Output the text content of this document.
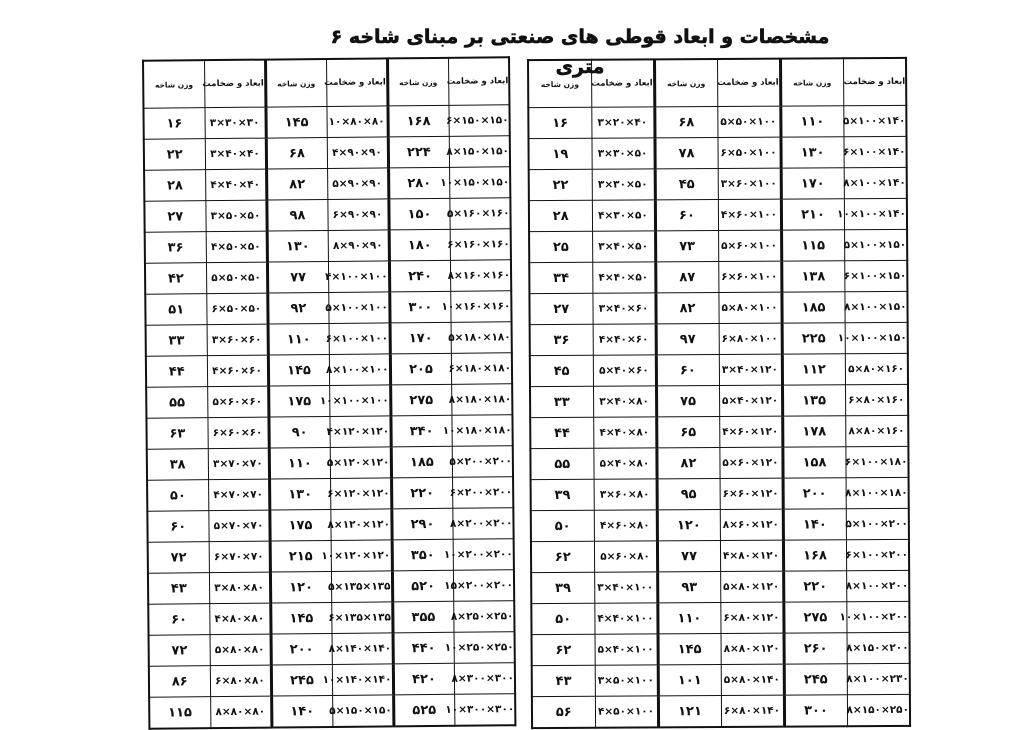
مشخصات و ابعاد قوطی های صنعتی بر مبنای شاخه ۶ متری
ابعاد و ضخامت	وزن شاخه	ابعاد و ضخامت	وزن شاخه	ابعاد و ضخامت	وزن شاخه
۱۵۰×۱۵۰×۶	۱۶۸	۸۰×۸۰×۱۰	۱۴۵	۳۰×۳۰×۳	۱۶
۱۵۰×۱۵۰×۸	۲۲۴	۹۰×۹۰×۴	۶۸	۴۰×۴۰×۳	۲۲
۱۵۰×۱۵۰×۱۰	۲۸۰	۹۰×۹۰×۵	۸۲	۴۰×۴۰×۴	۲۸
۱۶۰×۱۶۰×۵	۱۵۰	۹۰×۹۰×۶	۹۸	۵۰×۵۰×۳	۲۷
۱۶۰×۱۶۰×۶	۱۸۰	۹۰×۹۰×۸	۱۳۰	۵۰×۵۰×۴	۳۶
۱۶۰×۱۶۰×۸	۲۴۰	۱۰۰×۱۰۰×۴	۷۷	۵۰×۵۰×۵	۴۲
۱۶۰×۱۶۰×۱۰	۳۰۰	۱۰۰×۱۰۰×۵	۹۲	۵۰×۵۰×۶	۵۱
۱۸۰×۱۸۰×۵	۱۷۰	۱۰۰×۱۰۰×۶	۱۱۰	۶۰×۶۰×۳	۳۳
۱۸۰×۱۸۰×۶	۲۰۵	۱۰۰×۱۰۰×۸	۱۴۵	۶۰×۶۰×۴	۴۴
۱۸۰×۱۸۰×۸	۲۷۵	۱۰۰×۱۰۰×۱۰	۱۷۵	۶۰×۶۰×۵	۵۵
۱۸۰×۱۸۰×۱۰	۳۴۰	۱۲۰×۱۲۰×۴	۹۰	۶۰×۶۰×۶	۶۳
۲۰۰×۲۰۰×۵	۱۸۵	۱۲۰×۱۲۰×۵	۱۱۰	۷۰×۷۰×۳	۳۸
۲۰۰×۲۰۰×۶	۲۲۰	۱۲۰×۱۲۰×۶	۱۳۰	۷۰×۷۰×۴	۵۰
۲۰۰×۲۰۰×۸	۲۹۰	۱۲۰×۱۲۰×۸	۱۷۵	۷۰×۷۰×۵	۶۰
۲۰۰×۲۰۰×۱۰	۳۵۰	۱۲۰×۱۲۰×۱۰	۲۱۵	۷۰×۷۰×۶	۷۲
۲۰۰×۲۰۰×۱۵	۵۲۰	۱۳۵×۱۳۵×۵	۱۲۰	۸۰×۸۰×۳	۴۳
۲۵۰×۲۵۰×۸	۳۵۵	۱۳۵×۱۳۵×۶	۱۴۵	۸۰×۸۰×۴	۶۰
۲۵۰×۲۵۰×۱۰	۴۴۰	۱۴۰×۱۴۰×۸	۲۰۰	۸۰×۸۰×۵	۷۲
۳۰۰×۳۰۰×۸	۴۲۰	۱۴۰×۱۴۰×۱۰	۲۴۵	۸۰×۸۰×۶	۸۶
۳۰۰×۳۰۰×۱۰	۵۲۵	۱۵۰×۱۵۰×۵	۱۴۰	۸۰×۸۰×۸	۱۱۵
ابعاد و ضخامت	وزن شاخه	ابعاد و ضخامت	وزن شاخه	ابعاد و ضخامت	وزن شاخه
۱۴۰×۱۰۰×۵	۱۱۰	۱۰۰×۵۰×۵	۶۸	۴۰×۲۰×۳	۱۶
۱۴۰×۱۰۰×۶	۱۳۰	۱۰۰×۵۰×۶	۷۸	۵۰×۳۰×۳	۱۹
۱۴۰×۱۰۰×۸	۱۷۰	۱۰۰×۶۰×۳	۴۵	۵۰×۳۰×۳	۲۲
۱۴۰×۱۰۰×۱۰	۲۱۰	۱۰۰×۶۰×۴	۶۰	۵۰×۳۰×۴	۲۸
۱۵۰×۱۰۰×۵	۱۱۵	۱۰۰×۶۰×۵	۷۳	۵۰×۴۰×۳	۲۵
۱۵۰×۱۰۰×۶	۱۳۸	۱۰۰×۶۰×۶	۸۷	۵۰×۴۰×۴	۳۴
۱۵۰×۱۰۰×۸	۱۸۵	۱۰۰×۸۰×۵	۸۲	۶۰×۴۰×۳	۲۷
۱۵۰×۱۰۰×۱۰	۲۲۵	۱۰۰×۸۰×۶	۹۷	۶۰×۴۰×۴	۳۶
۱۶۰×۸۰×۵	۱۱۲	۱۲۰×۴۰×۳	۶۰	۶۰×۴۰×۵	۴۵
۱۶۰×۸۰×۶	۱۳۵	۱۲۰×۴۰×۵	۷۵	۸۰×۴۰×۳	۳۳
۱۶۰×۸۰×۸	۱۷۸	۱۲۰×۶۰×۴	۶۵	۸۰×۴۰×۴	۴۴
۱۸۰×۱۰۰×۶	۱۵۸	۱۲۰×۶۰×۵	۸۲	۸۰×۴۰×۵	۵۵
۱۸۰×۱۰۰×۸	۲۰۰	۱۲۰×۶۰×۶	۹۵	۸۰×۶۰×۳	۳۹
۲۰۰×۱۰۰×۵	۱۴۰	۱۲۰×۶۰×۸	۱۲۰	۸۰×۶۰×۴	۵۰
۲۰۰×۱۰۰×۶	۱۶۸	۱۲۰×۸۰×۴	۷۷	۸۰×۶۰×۵	۶۲
۲۰۰×۱۰۰×۸	۲۲۰	۱۲۰×۸۰×۵	۹۳	۱۰۰×۴۰×۳	۳۹
۲۰۰×۱۰۰×۱۰	۲۷۵	۱۲۰×۸۰×۶	۱۱۰	۱۰۰×۴۰×۴	۵۰
۲۰۰×۱۵۰×۸	۲۶۰	۱۲۰×۸۰×۸	۱۴۵	۱۰۰×۴۰×۵	۶۲
۲۳۰×۱۰۰×۸	۲۴۵	۱۴۰×۸۰×۵	۱۰۱	۱۰۰×۵۰×۳	۴۳
۲۵۰×۱۵۰×۸	۳۰۰	۱۴۰×۸۰×۶	۱۲۱	۱۰۰×۵۰×۴	۵۶
